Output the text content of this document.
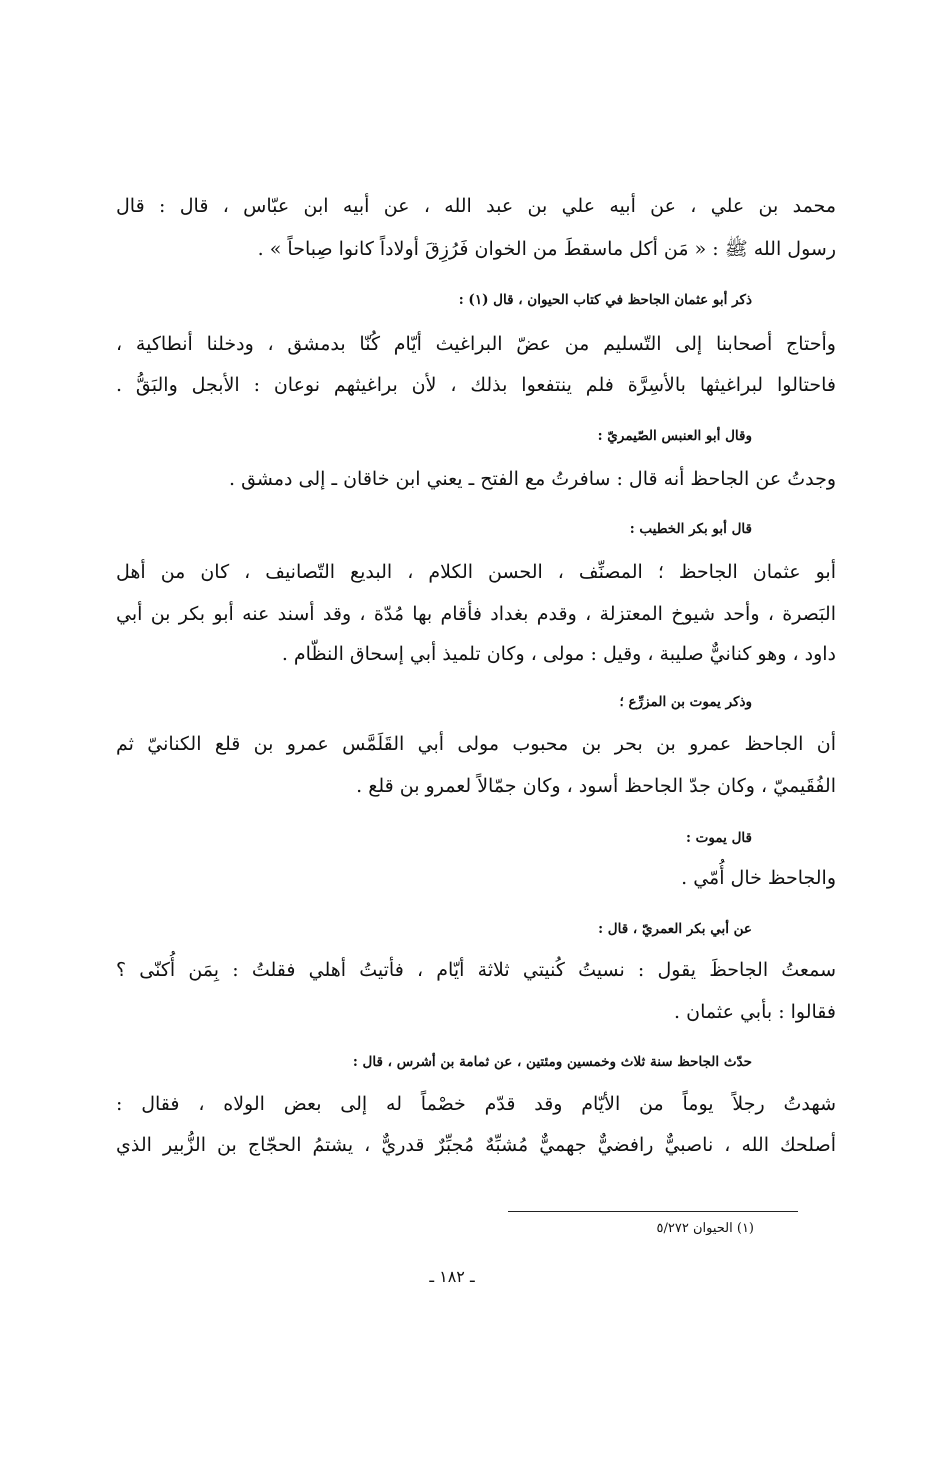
محمد بن علي ، عن أبيه علي بن عبد الله ، عن أبيه ابن عبّاس ، قال : قال
رسول الله ﷺ : « مَن أكل ماسقطَ من الخوان فَرُزِقَ أولاداً كانوا صِباحاً » .
ذكر أبو عثمان الجاحظ في كتاب الحيوان ، قال (١) :
وأحتاج أصحابنا إلى التّسليم من عضّ البراغيث أيّام كُنّا بدمشق ، ودخلنا أنطاكية ،
فاحتالوا لبراغيثها بالأسِرَّة فلم ينتفعوا بذلك ، لأن براغيثهم نوعان : الأبجل والبَقُّ .
وقال أبو العنبس الصّيمريّ :
وجدتُ عن الجاحظ أنه قال : سافرتُ مع الفتح ـ يعني ابن خاقان ـ إلى دمشق .
قال أبو بكر الخطيب :
أبو عثمان الجاحظ ؛ المصنِّف ، الحسن الكلام ، البديع التّصانيف ، كان من أهل
البَصرة ، وأحد شيوخ المعتزلة ، وقدم بغداد فأقام بها مُدّة ، وقد أسند عنه أبو بكر بن أبي
داود ، وهو كنانيٌّ صليبة ، وقيل : مولى ، وكان تلميذ أبي إسحاق النظّام .
وذكر يموت بن المزرِّع ؛
أن الجاحظ عمرو بن بحر بن محبوب مولى أبي القَلَمَّس عمرو بن قلع الكنانيّ ثم
الفُقَيميّ ، وكان جدّ الجاحظ أسود ، وكان جمّالاً لعمرو بن قلع .
قال يموت :
والجاحظ خال أُمّي .
عن أبي بكر العمريّ ، قال :
سمعتُ الجاحظَ يقول : نسيتُ كُنيتي ثلاثة أيّام ، فأتيتُ أهلي فقلتُ : بِمَن أُكنّى ؟
فقالوا : بأبي عثمان .
حدّث الجاحظ سنة ثلاث وخمسين ومئتين ، عن ثمامة بن أشرس ، قال :
شهدتُ رجلاً يوماً من الأيّام وقد قدّم خصْماً له إلى بعض الولاه ، فقال :
أصلحك الله ، ناصبيٌّ رافضيٌّ جهميٌّ مُشبِّهٌ مُجبِّرٌ قدريٌّ ، يشتمُ الحجّاج بن الزُّبير الذي
(١) الحيوان ٥/٢٧٢
ـ ١٨٢ ـ
